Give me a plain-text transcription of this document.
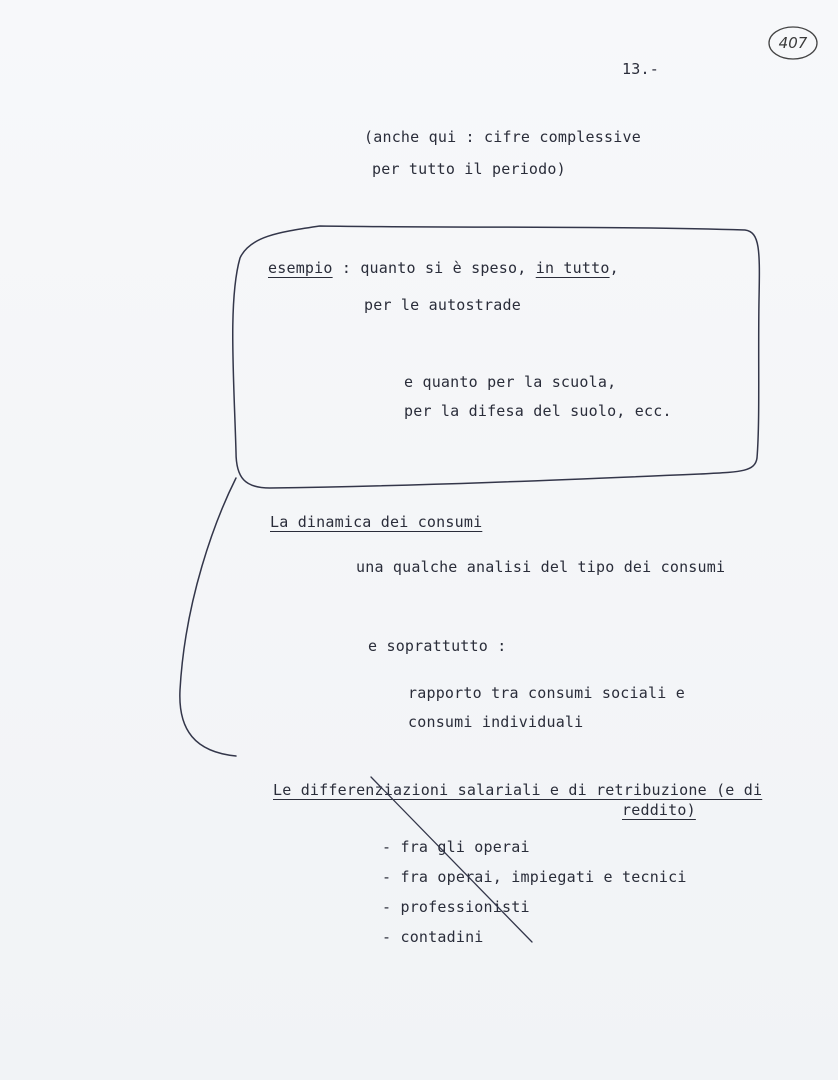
407
13.-
(anche qui : cifre complessive
per tutto il periodo)
esempio : quanto si è speso, in tutto,
per le autostrade
e quanto per la scuola,
per la difesa del suolo, ecc.
La dinamica dei consumi
una qualche analisi del tipo dei consumi
e soprattutto :
rapporto tra consumi sociali e
consumi individuali
Le differenziazioni salariali e di retribuzione (e di
reddito)
- fra gli operai
- fra operai, impiegati e tecnici
- professionisti
- contadini
